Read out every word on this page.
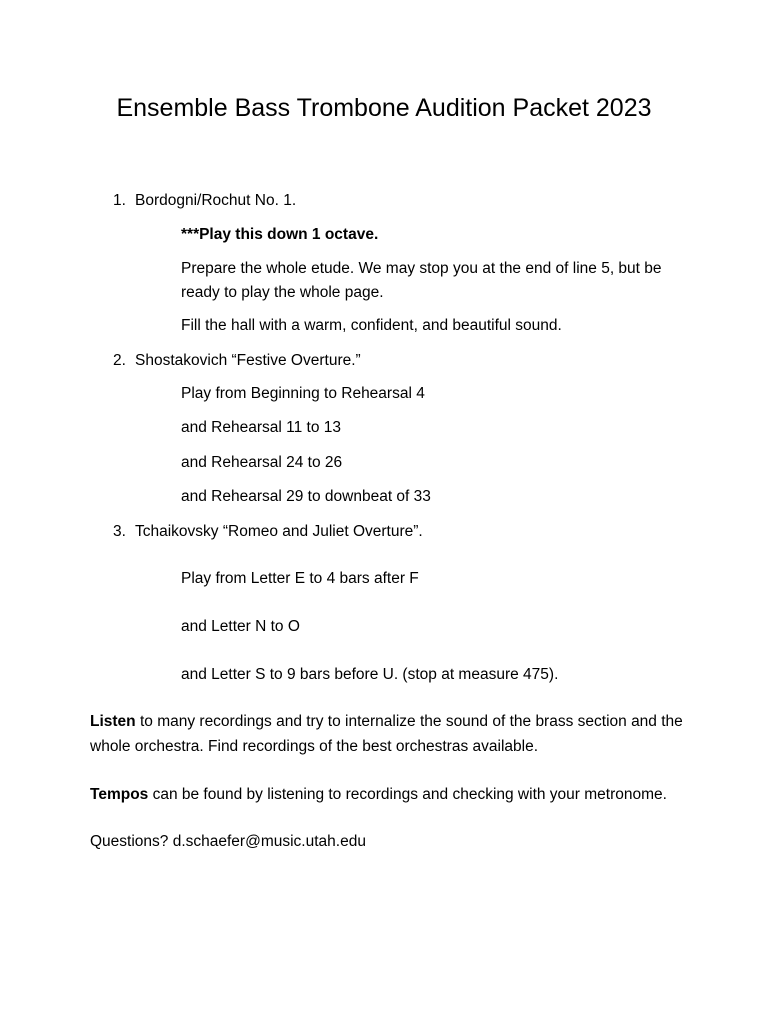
Ensemble Bass Trombone Audition Packet 2023
1. Bordogni/Rochut No. 1.
***Play this down 1 octave.
Prepare the whole etude. We may stop you at the end of line 5, but be ready to play the whole page.
Fill the hall with a warm, confident, and beautiful sound.
2. Shostakovich “Festive Overture.”
Play from Beginning to Rehearsal 4
and Rehearsal 11 to 13
and Rehearsal 24 to 26
and Rehearsal 29 to downbeat of 33
3. Tchaikovsky “Romeo and Juliet Overture”.
Play from Letter E to 4 bars after F
and Letter N to O
and Letter S to 9 bars before U. (stop at measure 475).
Listen to many recordings and try to internalize the sound of the brass section and the whole orchestra. Find recordings of the best orchestras available.
Tempos can be found by listening to recordings and checking with your metronome.
Questions? d.schaefer@music.utah.edu
